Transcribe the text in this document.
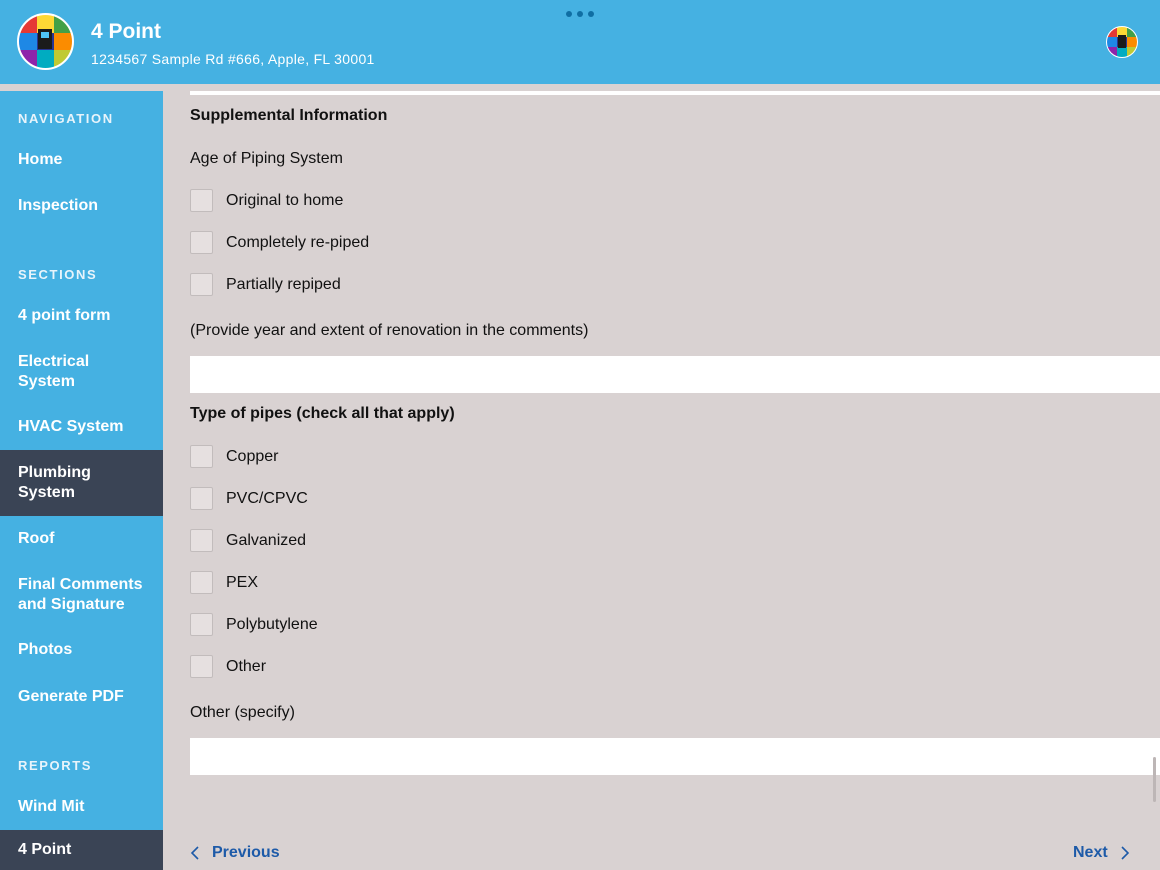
4 Point
1234567 Sample Rd #666, Apple, FL 30001
NAVIGATION
Home
Inspection
SECTIONS
4 point form
Electrical System
HVAC System
Plumbing System
Roof
Final Comments and Signature
Photos
Generate PDF
REPORTS
Wind Mit
4 Point
Supplemental Information
Age of Piping System
Original to home
Completely re-piped
Partially repiped
(Provide year and extent of renovation in the comments)
Type of pipes (check all that apply)
Copper
PVC/CPVC
Galvanized
PEX
Polybutylene
Other
Other (specify)
Previous	Next
